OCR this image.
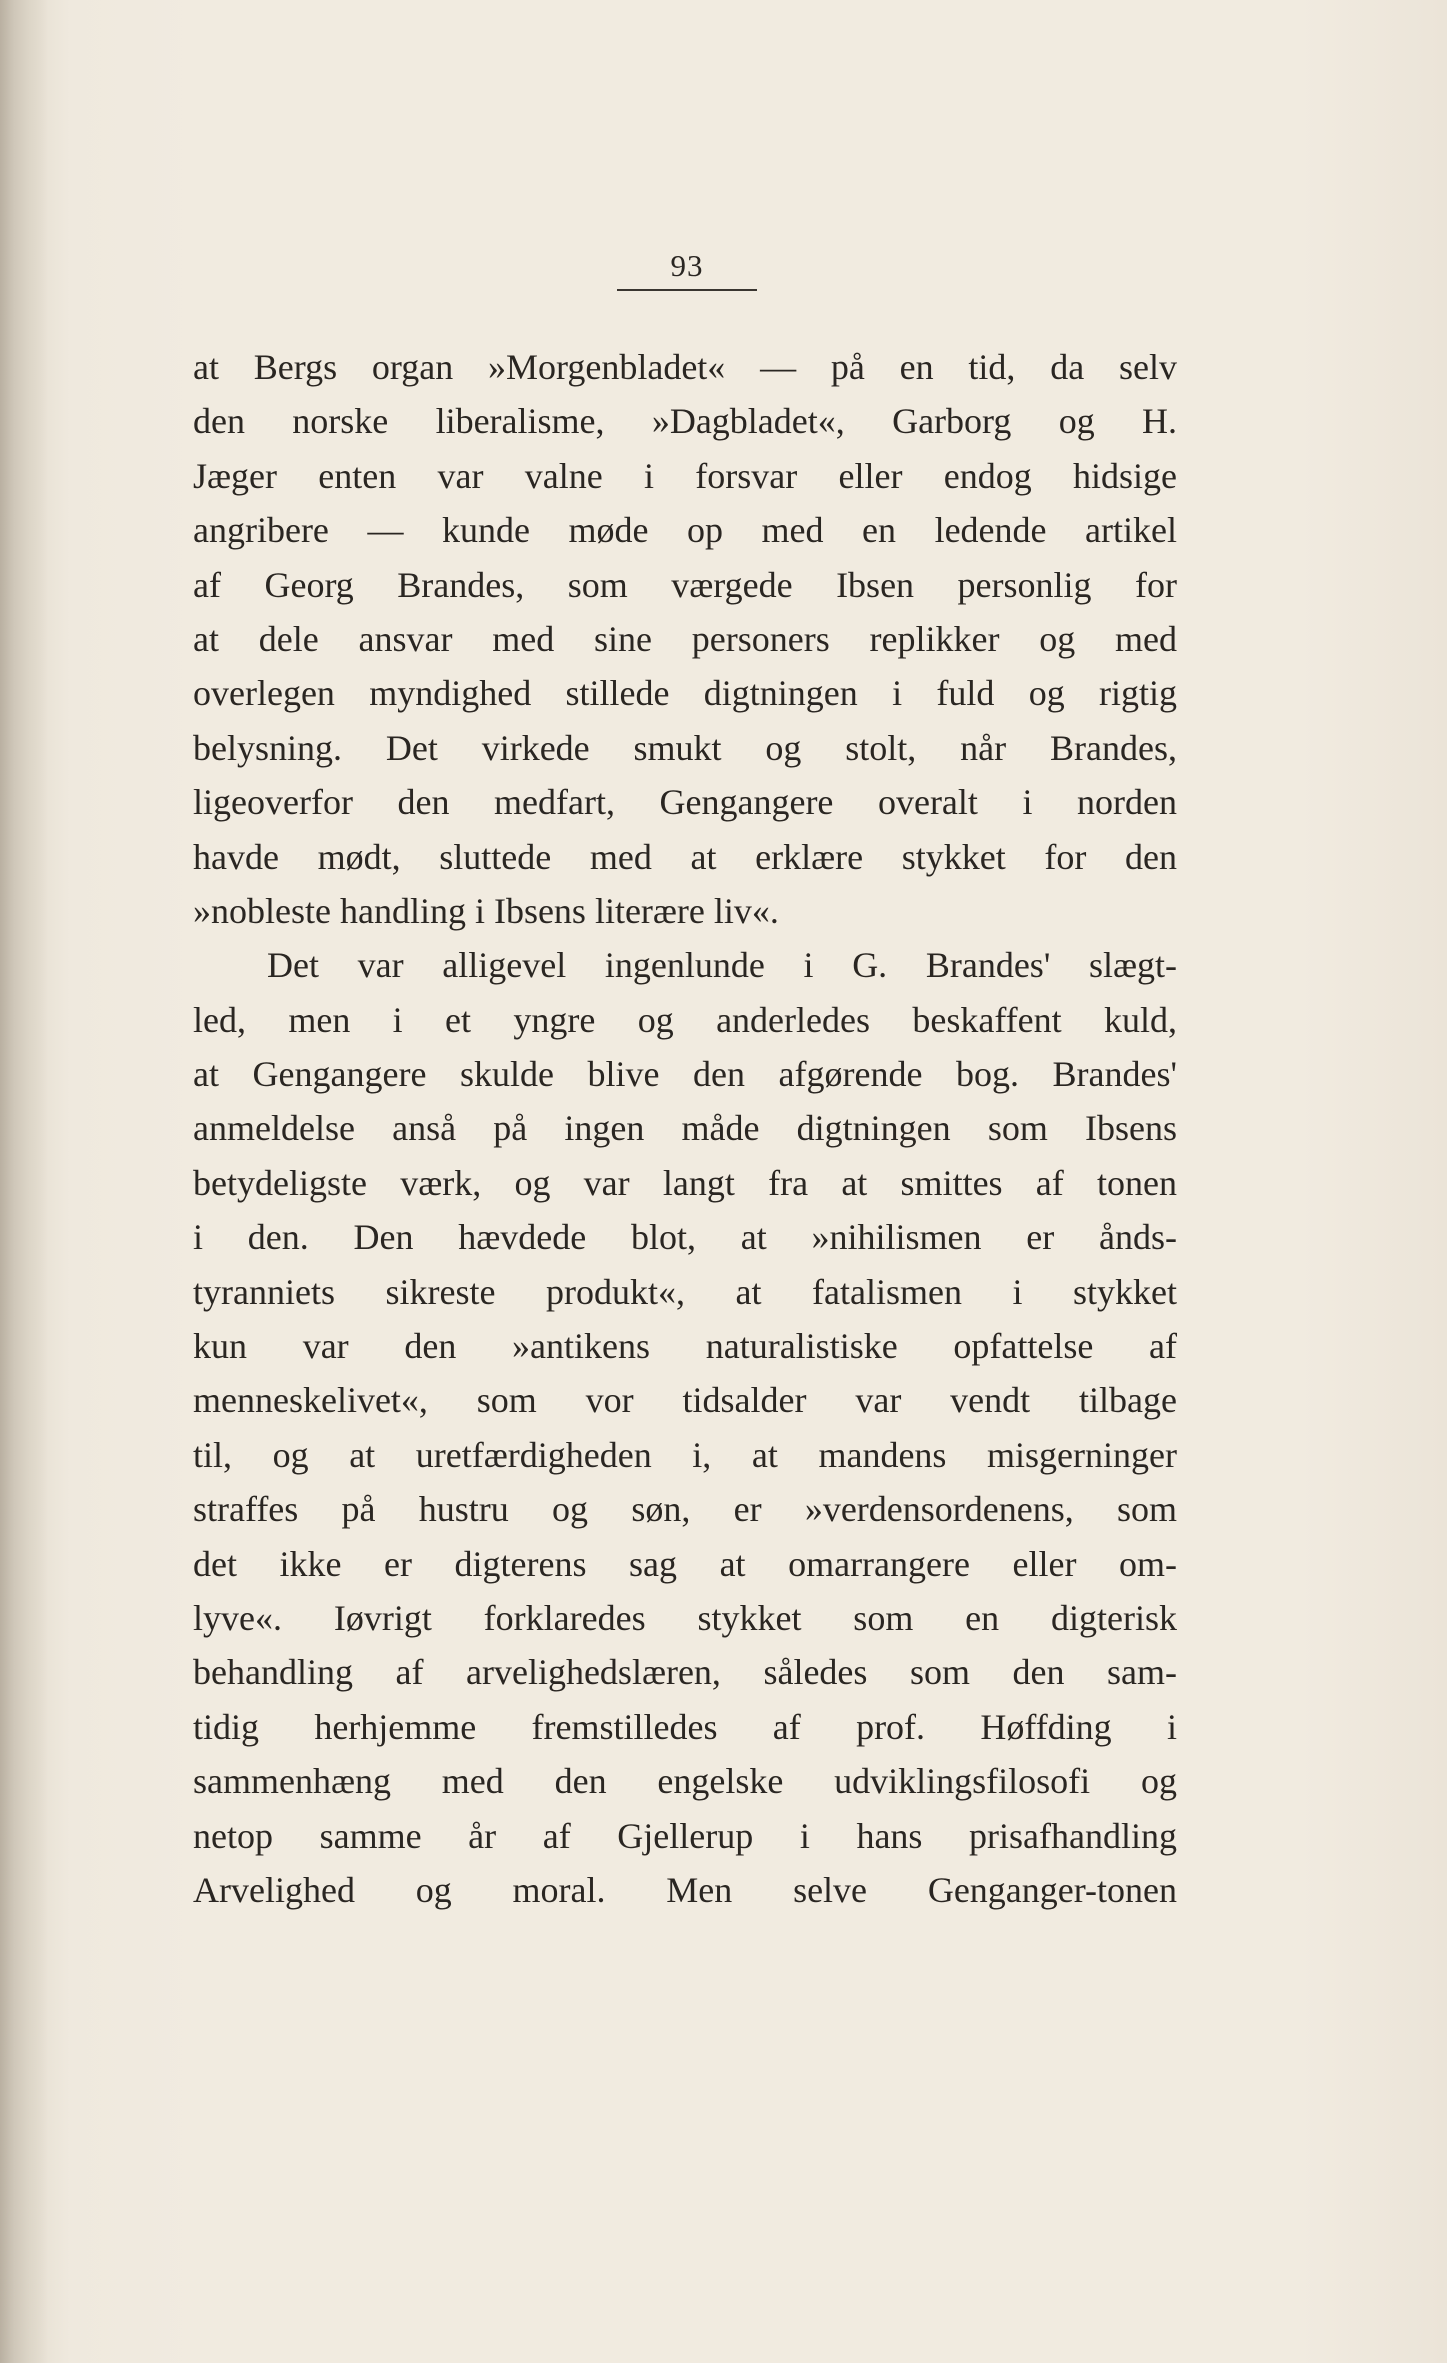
93
at Bergs organ »Morgenbladet« — på en tid, da selv
den norske liberalisme, »Dagbladet«, Garborg og H.
Jæger enten var valne i forsvar eller endog hidsige
angribere — kunde møde op med en ledende artikel
af Georg Brandes, som værgede Ibsen personlig for
at dele ansvar med sine personers replikker og med
overlegen myndighed stillede digtningen i fuld og rigtig
belysning. Det virkede smukt og stolt, når Brandes,
ligeoverfor den medfart, Gengangere overalt i norden
havde mødt, sluttede med at erklære stykket for den
»nobleste handling i Ibsens literære liv«.
Det var alligevel ingenlunde i G. Brandes' slægt-
led, men i et yngre og anderledes beskaffent kuld,
at Gengangere skulde blive den afgørende bog. Brandes'
anmeldelse anså på ingen måde digtningen som Ibsens
betydeligste værk, og var langt fra at smittes af tonen
i den. Den hævdede blot, at »nihilismen er ånds-
tyranniets sikreste produkt«, at fatalismen i stykket
kun var den »antikens naturalistiske opfattelse af
menneskelivet«, som vor tidsalder var vendt tilbage
til, og at uretfærdigheden i, at mandens misgerninger
straffes på hustru og søn, er »verdensordenens, som
det ikke er digterens sag at omarrangere eller om-
lyve«. Iøvrigt forklaredes stykket som en digterisk
behandling af arvelighedslæren, således som den sam-
tidig herhjemme fremstilledes af prof. Høffding i
sammenhæng med den engelske udviklingsfilosofi og
netop samme år af Gjellerup i hans prisafhandling
Arvelighed og moral. Men selve Genganger-tonen
